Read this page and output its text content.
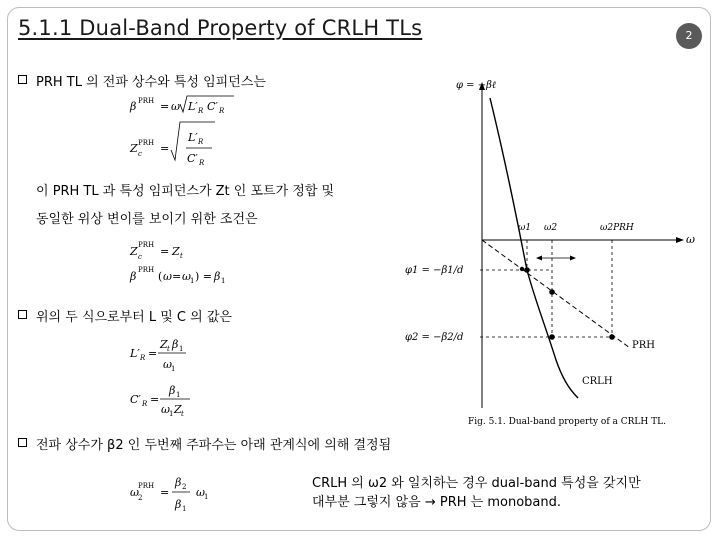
5.1.1 Dual-Band Property of CRLH TLs	2
PRH TL 의 전파 상수와 특성 임피던스는
이 PRH TL 과 특성 임피던스가 Zt 인 포트가 정합 및
동일한 위상 변이를 보이기 위한 조건은
위의 두 식으로부터 L 및 C 의 값은
전파 상수가 β2 인 두번째 주파수는 아래 관계식에 의해 결정됨
CRLH 의 ω2 와 일치하는 경우 dual-band 특성을 갖지만
대부분 그렇지 않음 → PRH 는 monoband.
β PRH = ω L′ R C′ R
Z c
PRH =
L′ R
C′ R
Z c
PRH = Z t
β PRH ( ω = ω 1 ) = β 1
L′ R =
Z t β 1
ω 1
C′ R =
β 1
ω 1 Z t
ω 2
PRH =
β 2
β 1
ω 1
φ = −βℓ
ω
φ1 = −β1/d
φ2 = −β2/d
ω1 ω2	ω2PRH
PRH
CRLH
Fig. 5.1. Dual-band property of a CRLH TL.
